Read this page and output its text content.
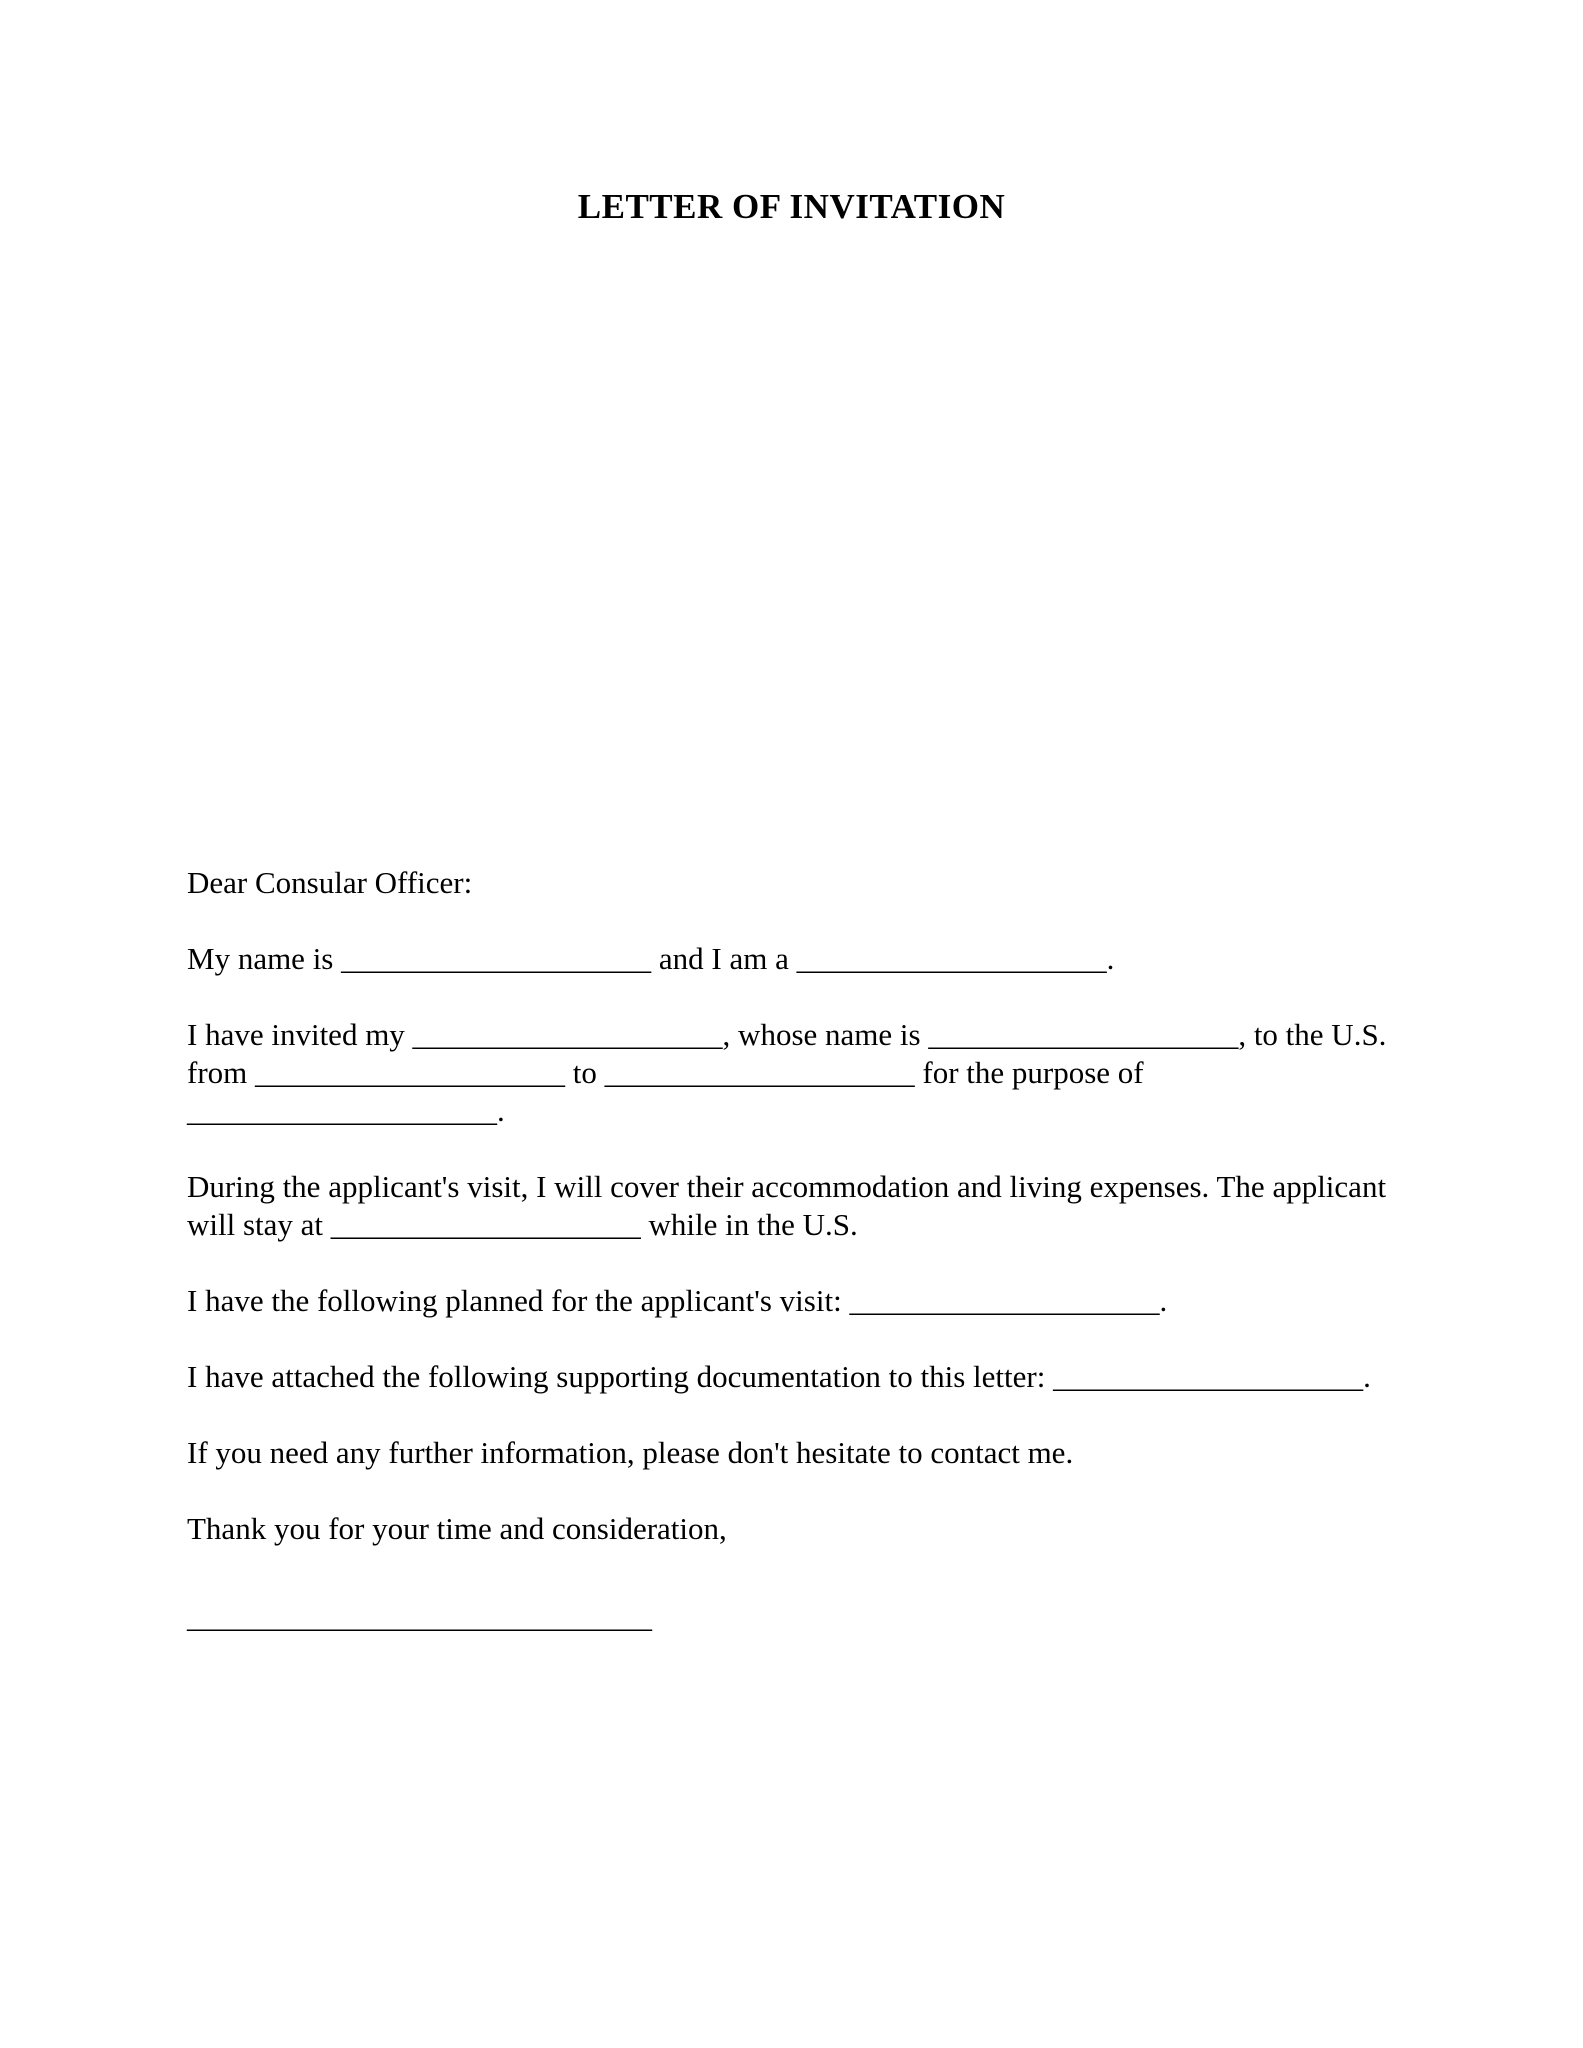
LETTER OF INVITATION
Dear Consular Officer:
My name is ____________________ and I am a ____________________.
I have invited my ____________________, whose name is ____________________, to the U.S.
from ____________________ to ____________________ for the purpose of
____________________.
During the applicant's visit, I will cover their accommodation and living expenses. The applicant
will stay at ____________________ while in the U.S.
I have the following planned for the applicant's visit: ____________________.
I have attached the following supporting documentation to this letter: ____________________.
If you need any further information, please don't hesitate to contact me.
Thank you for your time and consideration,
______________________________
